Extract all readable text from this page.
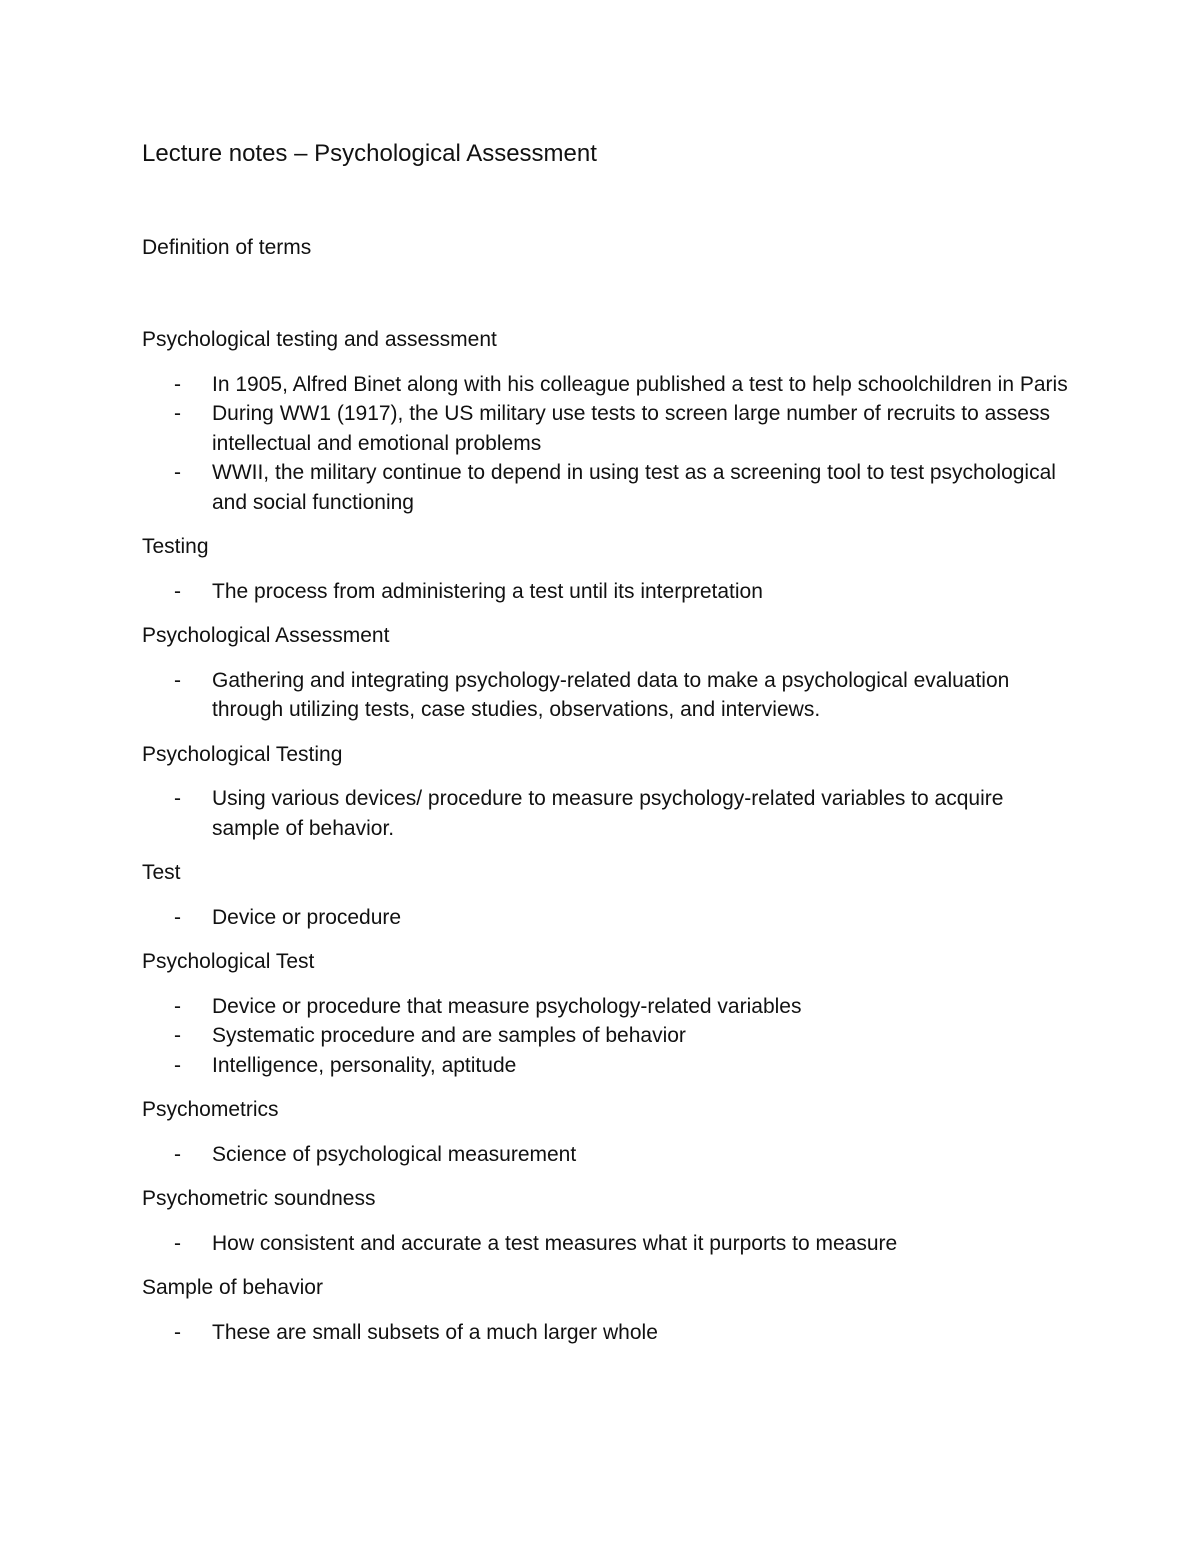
Lecture notes – Psychological Assessment

Definition of terms

Psychological testing and assessment
- In 1905, Alfred Binet along with his colleague published a test to help schoolchildren in Paris
- During WW1 (1917), the US military use tests to screen large number of recruits to assess intellectual and emotional problems
- WWII, the military continue to depend in using test as a screening tool to test psychological and social functioning
Testing
- The process from administering a test until its interpretation
Psychological Assessment
- Gathering and integrating psychology-related data to make a psychological evaluation through utilizing tests, case studies, observations, and interviews.
Psychological Testing
- Using various devices/ procedure to measure psychology-related variables to acquire sample of behavior.
Test
- Device or procedure
Psychological Test
- Device or procedure that measure psychology-related variables
- Systematic procedure and are samples of behavior
- Intelligence, personality, aptitude
Psychometrics
- Science of psychological measurement
Psychometric soundness
- How consistent and accurate a test measures what it purports to measure
Sample of behavior
- These are small subsets of a much larger whole
